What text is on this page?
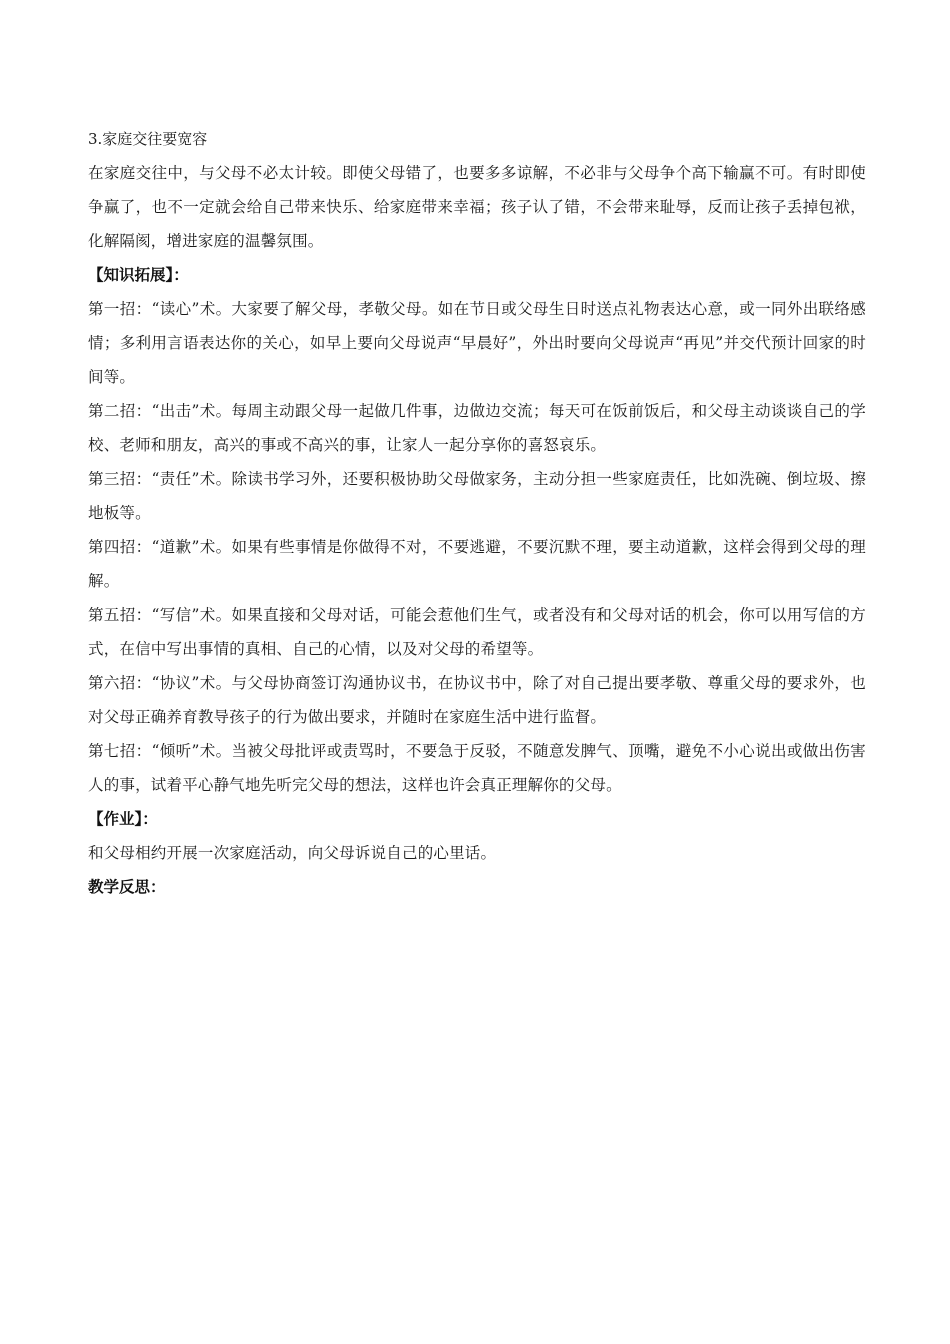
3.家庭交往要宽容

在家庭交往中，与父母不必太计较。即使父母错了，也要多多谅解，不必非与父母争个高下输赢不可。有时即使争赢了，也不一定就会给自己带来快乐、给家庭带来幸福；孩子认了错，不会带来耻辱，反而让孩子丢掉包袱，化解隔阂，增进家庭的温馨氛围。

【知识拓展】：

第一招：“读心”术。大家要了解父母，孝敬父母。如在节日或父母生日时送点礼物表达心意，或一同外出联络感情；多利用言语表达你的关心，如早上要向父母说声“早晨好”，外出时要向父母说声“再见”并交代预计回家的时间等。

第二招：“出击”术。每周主动跟父母一起做几件事，边做边交流；每天可在饭前饭后，和父母主动谈谈自己的学校、老师和朋友，高兴的事或不高兴的事，让家人一起分享你的喜怒哀乐。

第三招：“责任”术。除读书学习外，还要积极协助父母做家务，主动分担一些家庭责任，比如洗碗、倒垃圾、擦地板等。

第四招：“道歉”术。如果有些事情是你做得不对，不要逃避，不要沉默不理，要主动道歉，这样会得到父母的理解。

第五招：“写信”术。如果直接和父母对话，可能会惹他们生气，或者没有和父母对话的机会，你可以用写信的方式，在信中写出事情的真相、自己的心情，以及对父母的希望等。

第六招：“协议”术。与父母协商签订沟通协议书，在协议书中，除了对自己提出要孝敬、尊重父母的要求外，也对父母正确养育教导孩子的行为做出要求，并随时在家庭生活中进行监督。

第七招：“倾听”术。当被父母批评或责骂时，不要急于反驳，不随意发脾气、顶嘴，避免不小心说出或做出伤害人的事，试着平心静气地先听完父母的想法，这样也许会真正理解你的父母。

【作业】：

和父母相约开展一次家庭活动，向父母诉说自己的心里话。

教学反思：
